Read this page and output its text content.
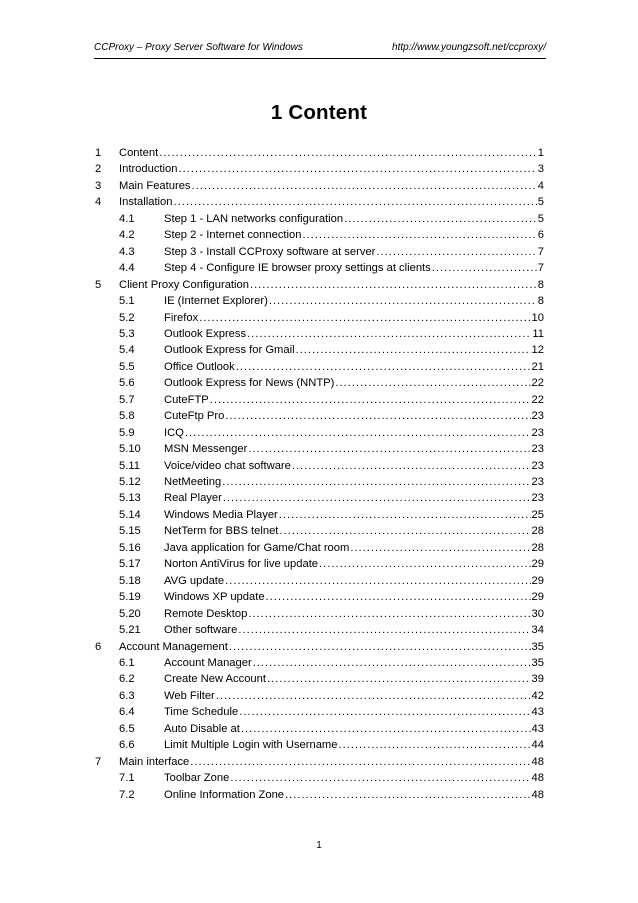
CCProxy – Proxy Server Software for Windows	http://www.youngzsoft.net/ccproxy/
1 Content
1 Content .....	1
2 Introduction .....	3
3 Main Features .....	4
4 Installation .....	5
4.1	Step 1 - LAN networks configuration .....	5
4.2	Step 2 - Internet connection .....	6
4.3	Step 3 - Install CCProxy software at server .....	7
4.4	Step 4 - Configure IE browser proxy settings at clients .....	7
5 Client Proxy Configuration .....	8
5.1	IE (Internet Explorer) .....	8
5.2	Firefox .....	10
5.3	Outlook Express .....	11
5.4	Outlook Express for Gmail .....	12
5.5	Office Outlook .....	21
5.6	Outlook Express for News (NNTP) .....	22
5.7	CuteFTP .....	22
5.8	CuteFtp Pro .....	23
5.9	ICQ .....	23
5.10 MSN Messenger .....	23
5.11 Voice/video chat software .....	23
5.12 NetMeeting .....	23
5.13 Real Player .....	23
5.14 Windows Media Player .....	25
5.15 NetTerm for BBS telnet .....	28
5.16 Java application for Game/Chat room .....	28
5.17 Norton AntiVirus for live update .....	29
5.18 AVG update .....	29
5.19 Windows XP update .....	29
5.20 Remote Desktop .....	30
5.21 Other software .....	34
6 Account Management .....	35
6.1	Account Manager .....	35
6.2	Create New Account .....	39
6.3	Web Filter .....	42
6.4	Time Schedule .....	43
6.5	Auto Disable at .....	43
6.6	Limit Multiple Login with Username .....	44
7 Main interface .....	48
7.1	Toolbar Zone .....	48
7.2	Online Information Zone .....	48
1
